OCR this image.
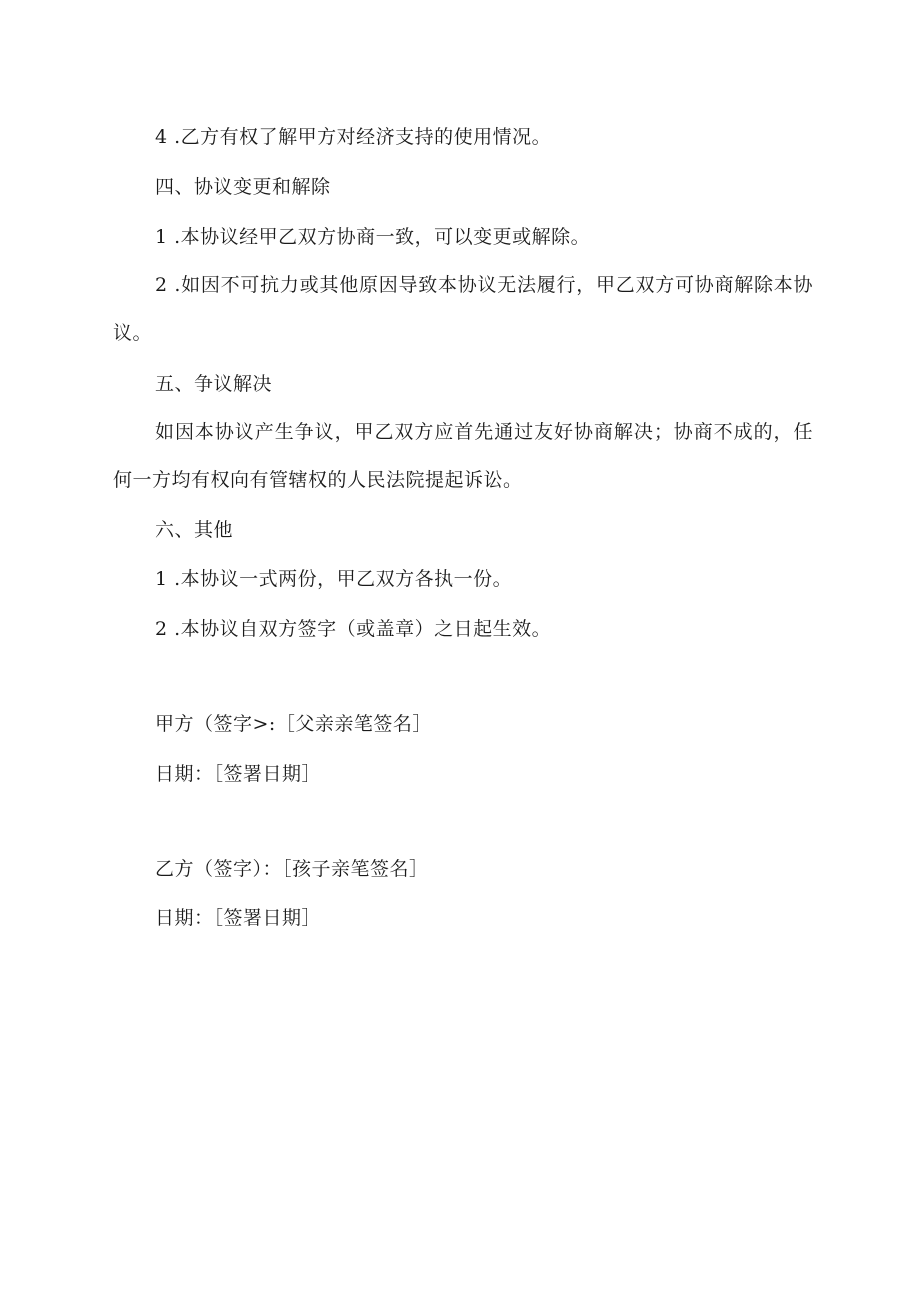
4 .乙方有权了解甲方对经济支持的使用情况。
四、协议变更和解除
1 .本协议经甲乙双方协商一致，可以变更或解除。
2 .如因不可抗力或其他原因导致本协议无法履行，甲乙双方可协商解除本协议。
五、争议解决
如因本协议产生争议，甲乙双方应首先通过友好协商解决；协商不成的，任何一方均有权向有管辖权的人民法院提起诉讼。
六、其他
1 .本协议一式两份，甲乙双方各执一份。
2 .本协议自双方签字（或盖章）之日起生效。
甲方（签字>:［父亲亲笔签名］
日期：［签署日期］
乙方（签字）：［孩子亲笔签名］
日期：［签署日期］
